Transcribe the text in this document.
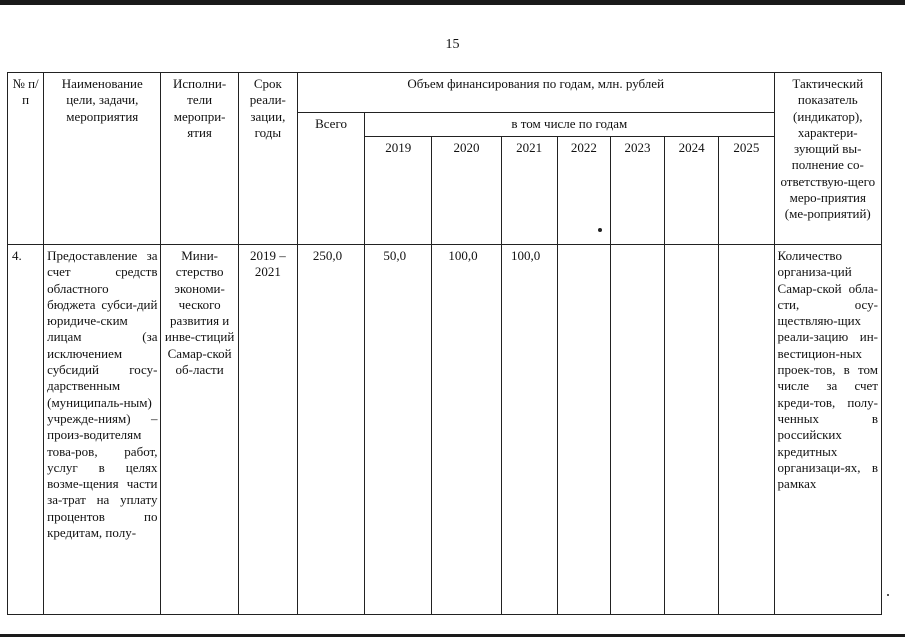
15
№ п/п	Наименование цели, задачи, мероприятия	Исполни-тели меропри-ятия	Срок реали-зации, годы	Объем финансирования по годам, млн. рублей								Тактический показатель (индикатор), характери-зующий вы-полнение со-ответствую-щего меро-приятия (ме-роприятий)
				Всего	в том числе по годам							
					2019	2020	2021	2022	2023	2024	2025	
4.	Предоставление за счет средств областного бюджета субси-дий юридиче-ским лицам (за исключением субсидий госу-дарственным (муниципаль-ным) учрежде-ниям) – произ-водителям това-ров, работ, услуг в целях возме-щения части за-трат на уплату процентов по кредитам, полу-	Мини-стерство экономи-ческого развития и инве-стиций Самар-ской об-ласти	2019 – 2021	250,0	50,0	100,0	100,0					Количество организа-ций Самар-ской обла-сти, осу-ществляю-щих реали-зацию ин-вестицион-ных проек-тов, в том числе за счет креди-тов, полу-ченных в российских кредитных организаци-ях, в рамках
